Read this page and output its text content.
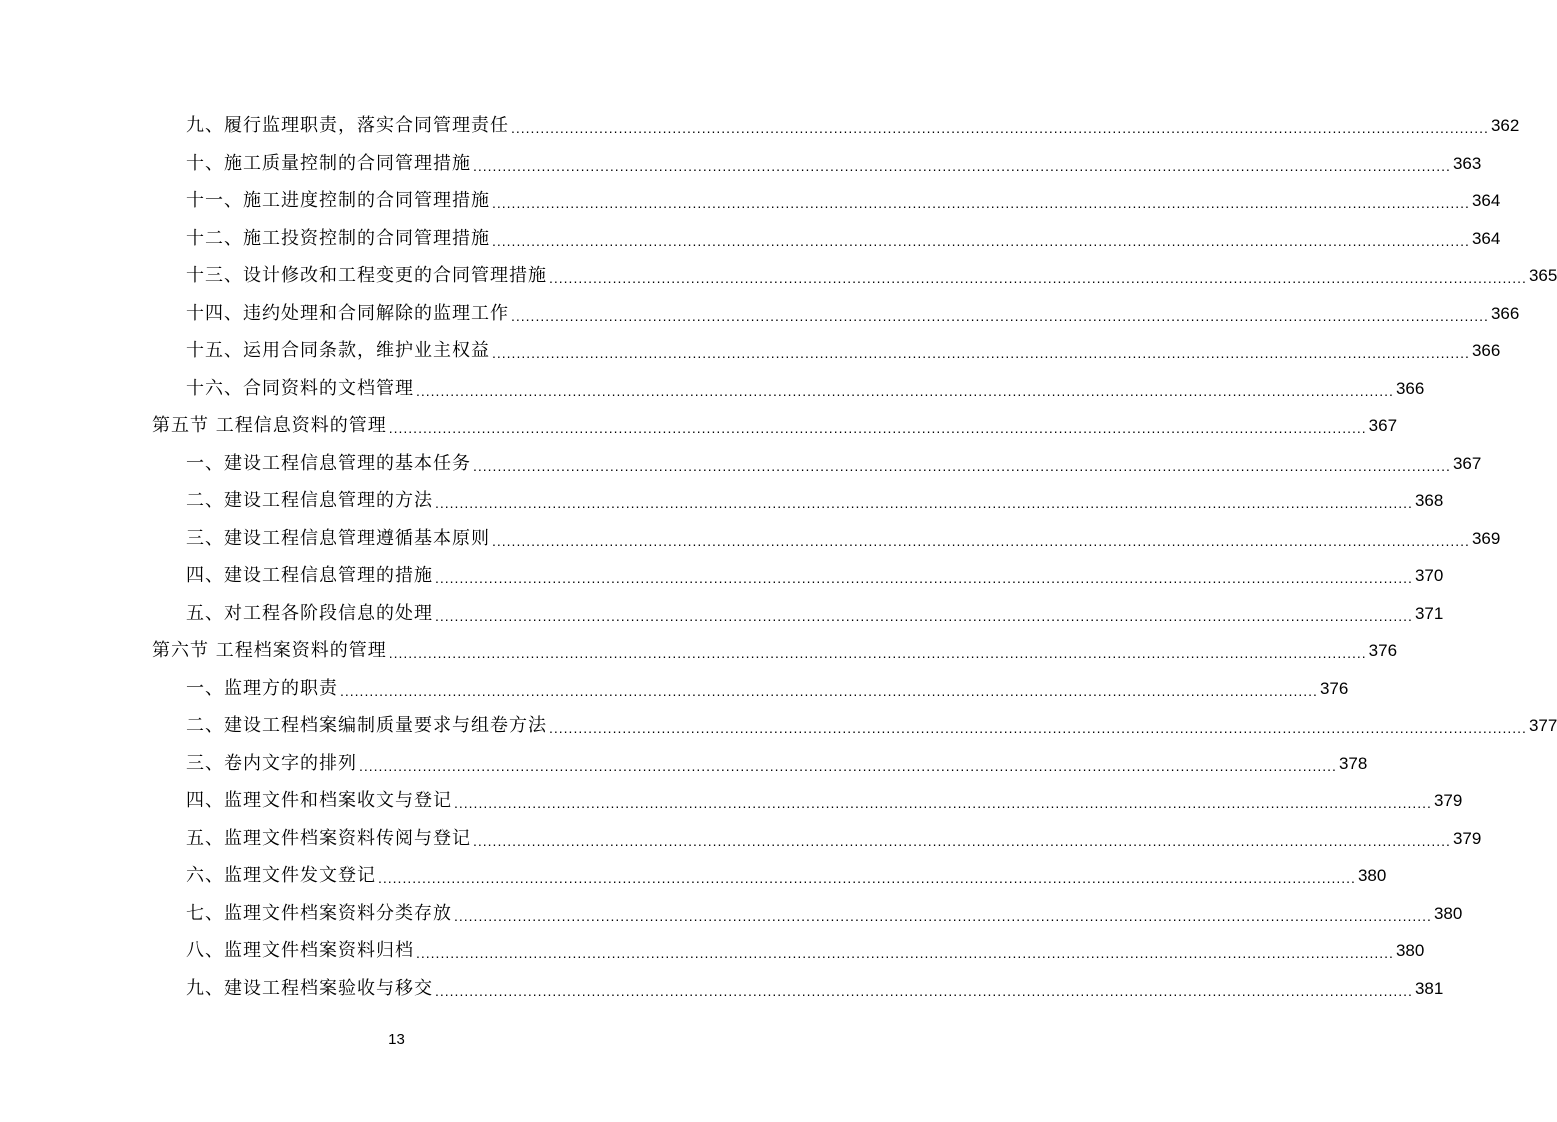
九、履行监理职责，落实合同管理责任 ........................................................................................................................................................................................................ 362
十、施工质量控制的合同管理措施 ........................................................................................................................................................................................................ 363
十一、施工进度控制的合同管理措施 ........................................................................................................................................................................................................ 364
十二、施工投资控制的合同管理措施 ........................................................................................................................................................................................................ 364
十三、设计修改和工程变更的合同管理措施 ........................................................................................................................................................................................................ 365
十四、违约处理和合同解除的监理工作 ........................................................................................................................................................................................................ 366
十五、运用合同条款，维护业主权益 ........................................................................................................................................................................................................ 366
十六、合同资料的文档管理 ........................................................................................................................................................................................................ 366
第五节 工程信息资料的管理 ........................................................................................................................................................................................................ 367
一、建设工程信息管理的基本任务 ........................................................................................................................................................................................................ 367
二、建设工程信息管理的方法 ........................................................................................................................................................................................................ 368
三、建设工程信息管理遵循基本原则 ........................................................................................................................................................................................................ 369
四、建设工程信息管理的措施 ........................................................................................................................................................................................................ 370
五、对工程各阶段信息的处理 ........................................................................................................................................................................................................ 371
第六节 工程档案资料的管理 ........................................................................................................................................................................................................ 376
一、监理方的职责 ........................................................................................................................................................................................................ 376
二、建设工程档案编制质量要求与组卷方法 ........................................................................................................................................................................................................ 377
三、卷内文字的排列 ........................................................................................................................................................................................................ 378
四、监理文件和档案收文与登记 ........................................................................................................................................................................................................ 379
五、监理文件档案资料传阅与登记 ........................................................................................................................................................................................................ 379
六、监理文件发文登记 ........................................................................................................................................................................................................ 380
七、监理文件档案资料分类存放 ........................................................................................................................................................................................................ 380
八、监理文件档案资料归档 ........................................................................................................................................................................................................ 380
九、建设工程档案验收与移交 ........................................................................................................................................................................................................ 381
13
